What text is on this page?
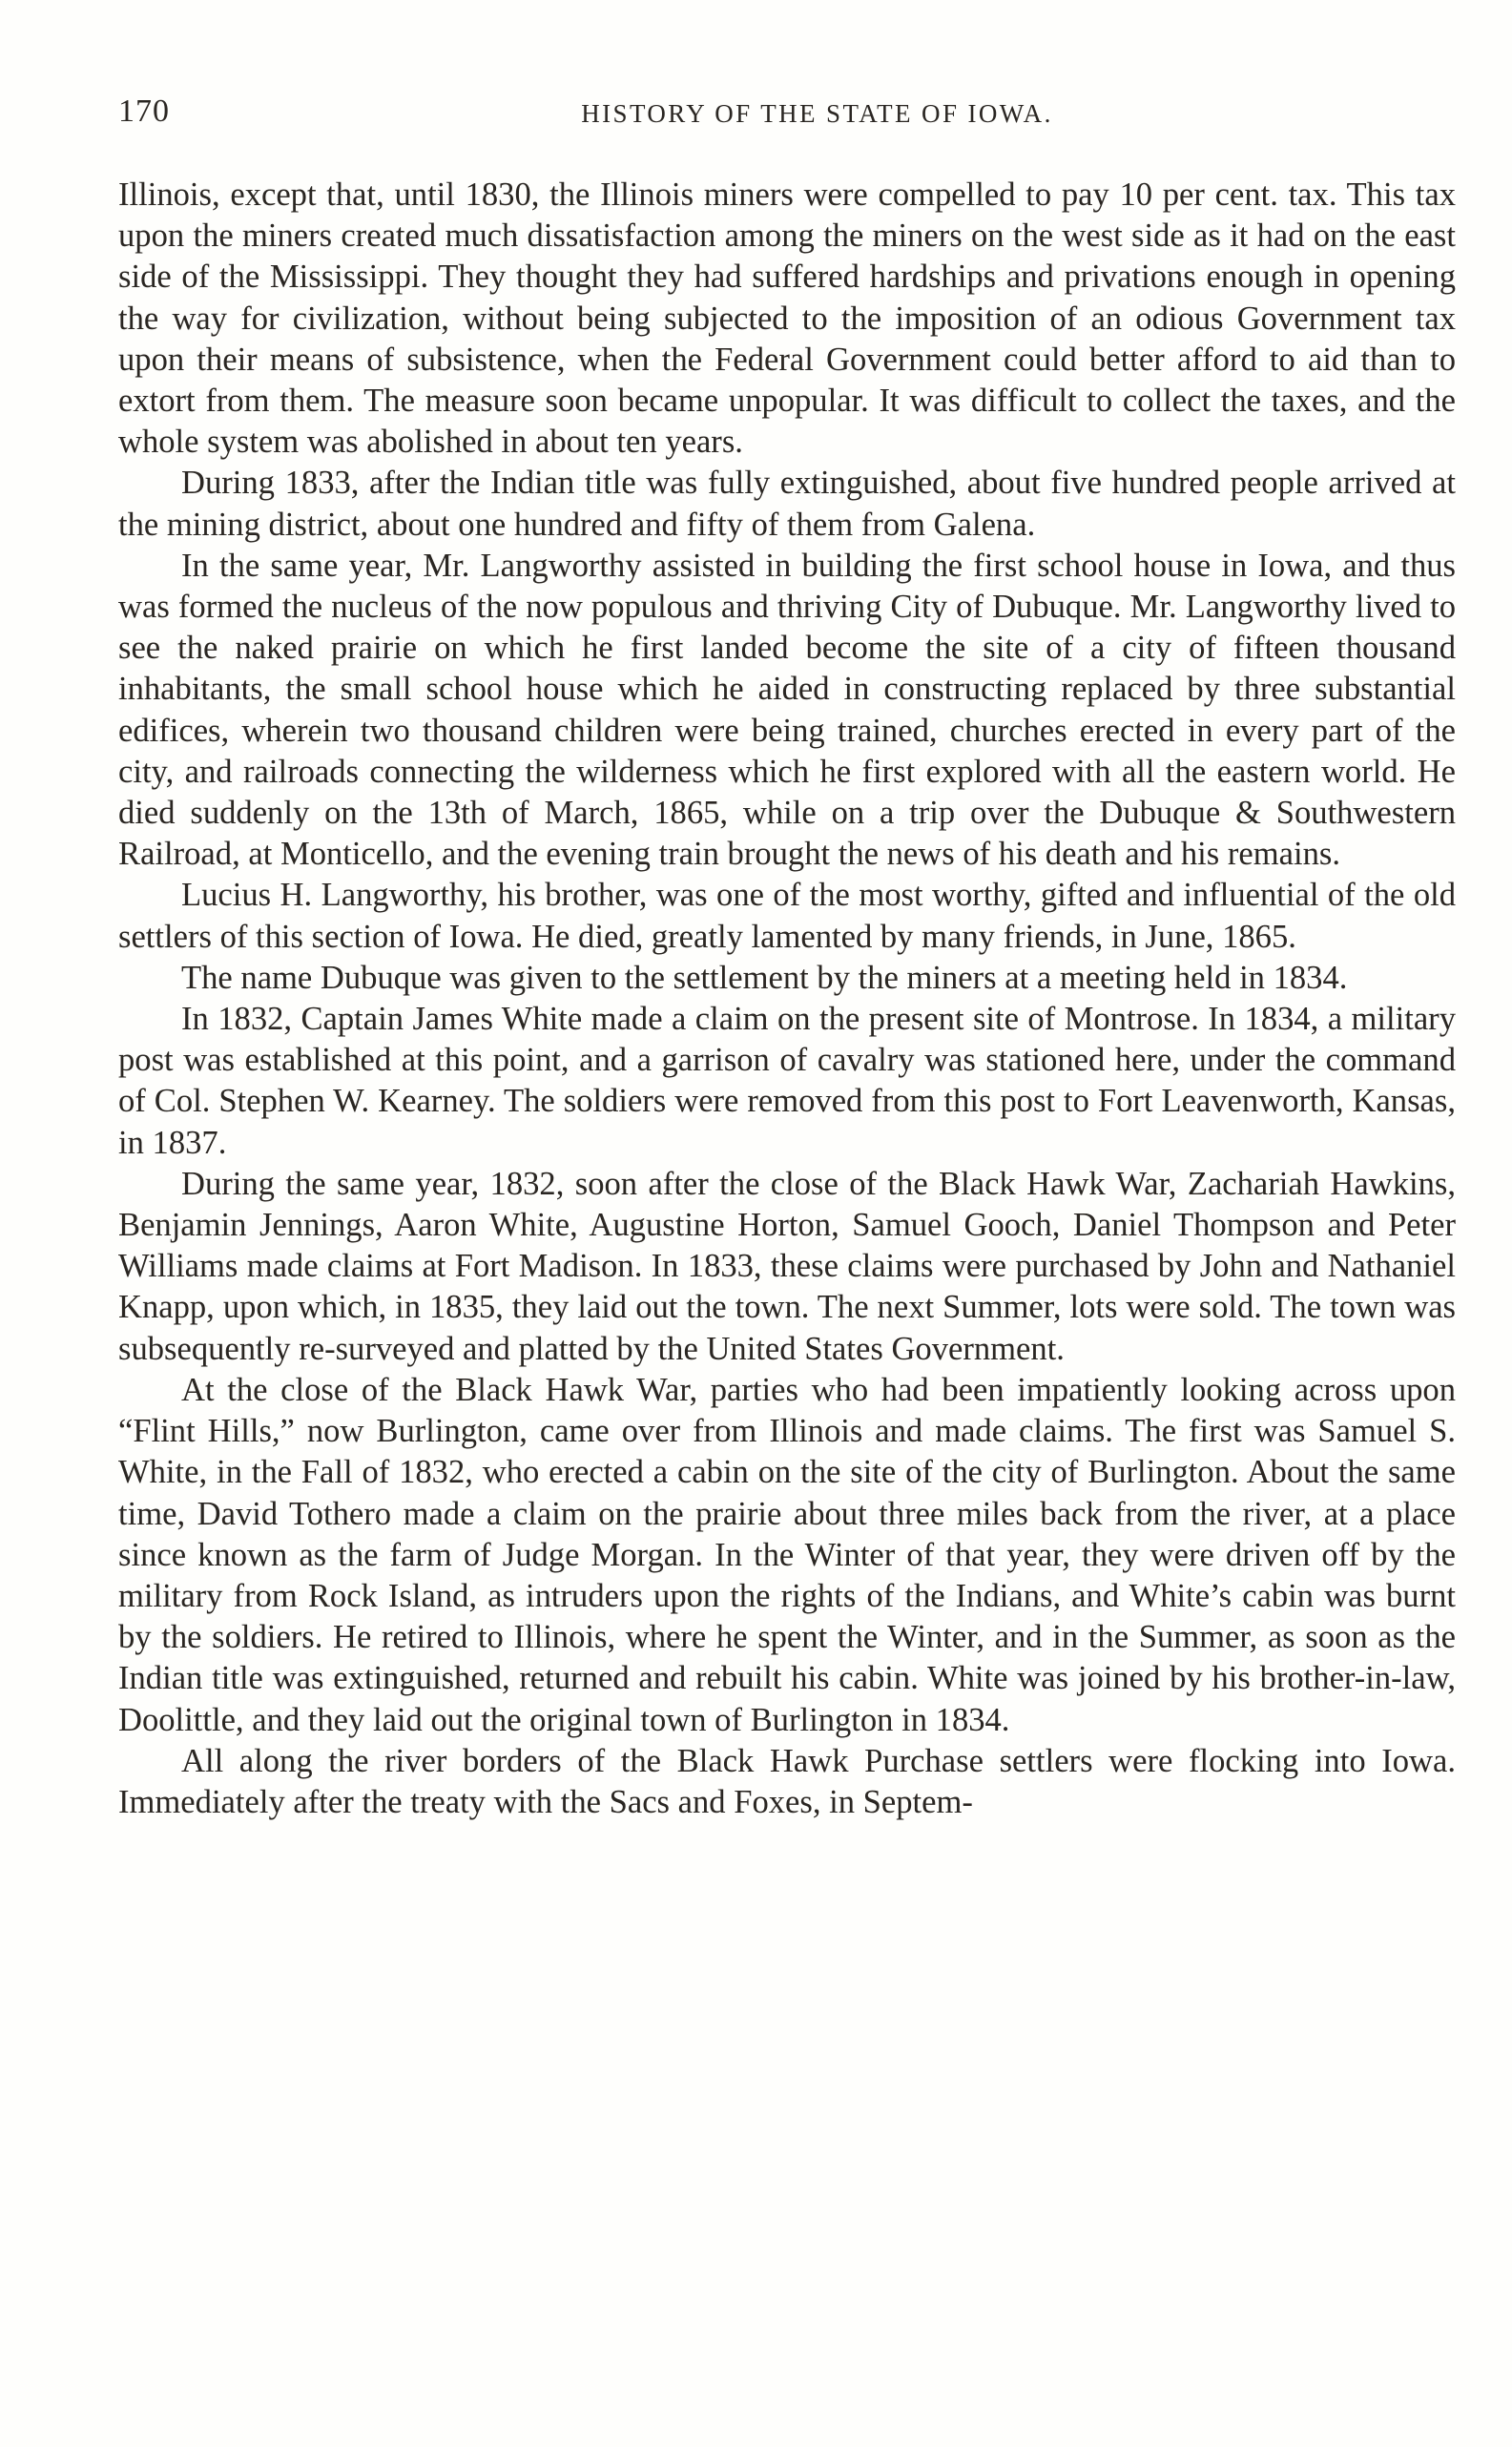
170	HISTORY OF THE STATE OF IOWA.

Illinois, except that, until 1830, the Illinois miners were compelled to pay 10 per cent. tax. This tax upon the miners created much dissatisfaction among the miners on the west side as it had on the east side of the Mississippi. They thought they had suffered hardships and privations enough in opening the way for civilization, without being subjected to the imposition of an odious Government tax upon their means of subsistence, when the Federal Government could better afford to aid than to extort from them. The measure soon became unpopular. It was difficult to collect the taxes, and the whole system was abolished in about ten years.

During 1833, after the Indian title was fully extinguished, about five hundred people arrived at the mining district, about one hundred and fifty of them from Galena.

In the same year, Mr. Langworthy assisted in building the first school house in Iowa, and thus was formed the nucleus of the now populous and thriving City of Dubuque. Mr. Langworthy lived to see the naked prairie on which he first landed become the site of a city of fifteen thousand inhabitants, the small school house which he aided in constructing replaced by three substantial edifices, wherein two thousand children were being trained, churches erected in every part of the city, and railroads connecting the wilderness which he first explored with all the eastern world. He died suddenly on the 13th of March, 1865, while on a trip over the Dubuque & Southwestern Railroad, at Monticello, and the evening train brought the news of his death and his remains.

Lucius H. Langworthy, his brother, was one of the most worthy, gifted and influential of the old settlers of this section of Iowa. He died, greatly lamented by many friends, in June, 1865.

The name Dubuque was given to the settlement by the miners at a meeting held in 1834.

In 1832, Captain James White made a claim on the present site of Montrose. In 1834, a military post was established at this point, and a garrison of cavalry was stationed here, under the command of Col. Stephen W. Kearney. The soldiers were removed from this post to Fort Leavenworth, Kansas, in 1837.

During the same year, 1832, soon after the close of the Black Hawk War, Zachariah Hawkins, Benjamin Jennings, Aaron White, Augustine Horton, Samuel Gooch, Daniel Thompson and Peter Williams made claims at Fort Madison. In 1833, these claims were purchased by John and Nathaniel Knapp, upon which, in 1835, they laid out the town. The next Summer, lots were sold. The town was subsequently re-surveyed and platted by the United States Government.

At the close of the Black Hawk War, parties who had been impatiently looking across upon “Flint Hills,” now Burlington, came over from Illinois and made claims. The first was Samuel S. White, in the Fall of 1832, who erected a cabin on the site of the city of Burlington. About the same time, David Tothero made a claim on the prairie about three miles back from the river, at a place since known as the farm of Judge Morgan. In the Winter of that year, they were driven off by the military from Rock Island, as intruders upon the rights of the Indians, and White’s cabin was burnt by the soldiers. He retired to Illinois, where he spent the Winter, and in the Summer, as soon as the Indian title was extinguished, returned and rebuilt his cabin. White was joined by his brother-in-law, Doolittle, and they laid out the original town of Burlington in 1834.

All along the river borders of the Black Hawk Purchase settlers were flocking into Iowa. Immediately after the treaty with the Sacs and Foxes, in Septem-
